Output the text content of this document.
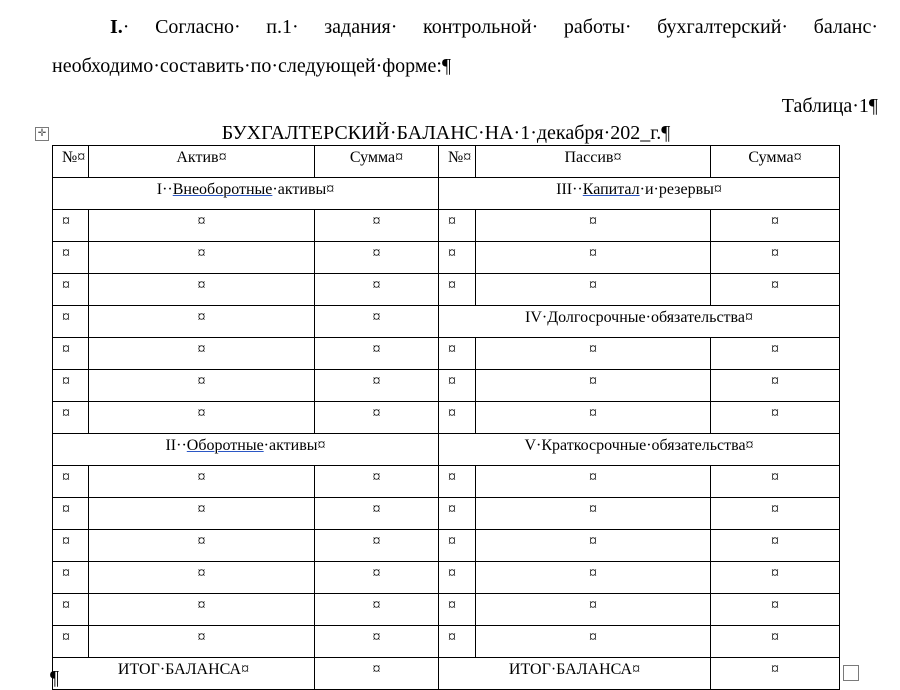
I.· Согласно· п.1· задания· контрольной· работы· бухгалтерский· баланс· необходимо·составить·по·следующей·форме:¶
Таблица·1¶
✛	БУХГАЛТЕРСКИЙ·БАЛАНС·НА·1·декабря·202_г.¶
№¤	Актив¤	Сумма¤	№¤	Пассив¤	Сумма¤
I··Внеоборотные·активы¤			III··Капитал·и·резервы¤		
¤	¤	¤	¤	¤	¤
¤	¤	¤	¤	¤	¤
¤	¤	¤	¤	¤	¤
¤	¤	¤	IV·Долгосрочные·обязательства¤		
¤	¤	¤	¤	¤	¤
¤	¤	¤	¤	¤	¤
¤	¤	¤	¤	¤	¤
II··Оборотные·активы¤			V·Краткосрочные·обязательства¤		
¤	¤	¤	¤	¤	¤
¤	¤	¤	¤	¤	¤
¤	¤	¤	¤	¤	¤
¤	¤	¤	¤	¤	¤
¤	¤	¤	¤	¤	¤
¤	¤	¤	¤	¤	¤
ИТОГ·БАЛАНСА¤		¤	ИТОГ·БАЛАНСА¤		¤
¶
